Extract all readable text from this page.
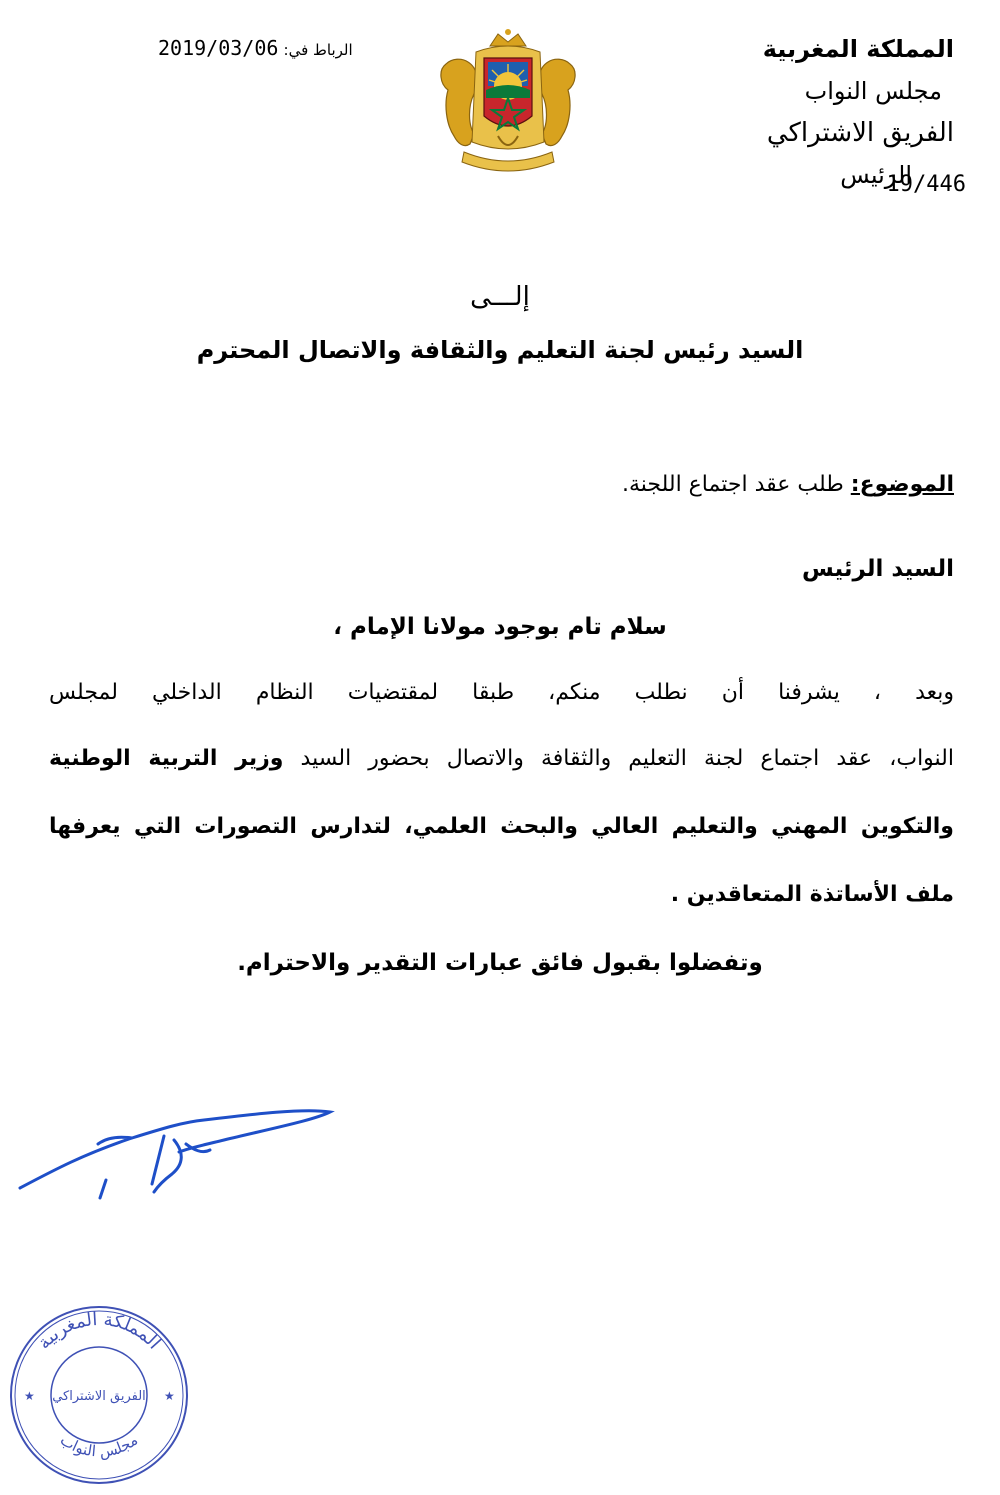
المملكة المغربية
مجلس النواب
الفريق الاشتراكي
الرئيس
19/446
الرباط في: 2019/03/06
إلـــى
السيد رئيس لجنة التعليم والثقافة والاتصال المحترم
الموضوع: طلب عقد اجتماع اللجنة.
السيد الرئيس
سلام تام بوجود مولانا الإمام ،
وبعد ، يشرفنا أن نطلب منكم، طبقا لمقتضيات النظام الداخلي لمجلس
النواب، عقد اجتماع لجنة التعليم والثقافة والاتصال بحضور السيد وزير التربية الوطنية
والتكوين المهني والتعليم العالي والبحث العلمي، لتدارس التصورات التي يعرفها
ملف الأساتذة المتعاقدين .
وتفضلوا بقبول فائق عبارات التقدير والاحترام.
المملكة المغربية
مجلس النواب
الفريق الاشتراكي
★	★
